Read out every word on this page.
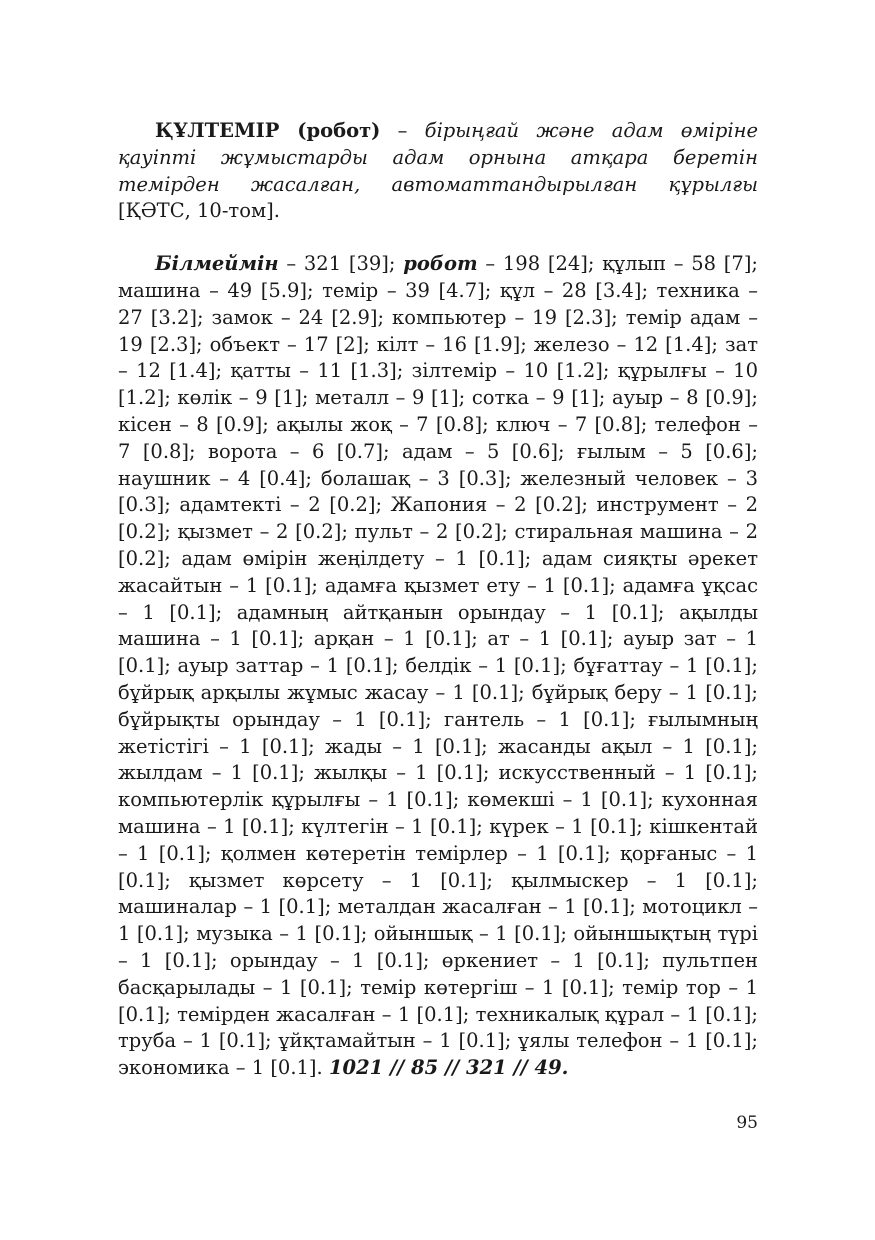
ҚҰЛТЕМІР (робот) – бірыңғай және адам өміріне қауіпті жұмыстарды адам орнына атқара беретін темірден жасалған, автоматтандырылған құрылғы [ҚӘТС, 10-том].

Білмеймін – 321 [39]; робот – 198 [24]; құлып – 58 [7]; машина – 49 [5.9]; темір – 39 [4.7]; құл – 28 [3.4]; техника – 27 [3.2]; замок – 24 [2.9]; компьютер – 19 [2.3]; темір адам – 19 [2.3]; объект – 17 [2]; кілт – 16 [1.9]; железо – 12 [1.4]; зат – 12 [1.4]; қатты – 11 [1.3]; зілтемір – 10 [1.2]; құрылғы – 10 [1.2]; көлік – 9 [1]; металл – 9 [1]; сотка – 9 [1]; ауыр – 8 [0.9]; кісен – 8 [0.9]; ақылы жоқ – 7 [0.8]; ключ – 7 [0.8]; телефон – 7 [0.8]; ворота – 6 [0.7]; адам – 5 [0.6]; ғылым – 5 [0.6]; наушник – 4 [0.4]; болашақ – 3 [0.3]; железный человек – 3 [0.3]; адамтекті – 2 [0.2]; Жапония – 2 [0.2]; инструмент – 2 [0.2]; қызмет – 2 [0.2]; пульт – 2 [0.2]; стиральная машина – 2 [0.2]; адам өмірін жеңілдету – 1 [0.1]; адам сияқты әрекет жасайтын – 1 [0.1]; адамға қызмет ету – 1 [0.1]; адамға ұқсас – 1 [0.1]; адамның айтқанын орындау – 1 [0.1]; ақылды машина – 1 [0.1]; арқан – 1 [0.1]; ат – 1 [0.1]; ауыр зат – 1 [0.1]; ауыр заттар – 1 [0.1]; белдік – 1 [0.1]; бұғаттау – 1 [0.1]; бұйрық арқылы жұмыс жасау – 1 [0.1]; бұйрық беру – 1 [0.1]; бұйрықты орындау – 1 [0.1]; гантель – 1 [0.1]; ғылымның жетістігі – 1 [0.1]; жады – 1 [0.1]; жасанды ақыл – 1 [0.1]; жылдам – 1 [0.1]; жылқы – 1 [0.1]; искусственный – 1 [0.1]; компьютерлік құрылғы – 1 [0.1]; көмекші – 1 [0.1]; кухонная машина – 1 [0.1]; күлтегін – 1 [0.1]; күрек – 1 [0.1]; кішкентай – 1 [0.1]; қолмен көтеретін темірлер – 1 [0.1]; қорғаныс – 1 [0.1]; қызмет көрсету – 1 [0.1]; қылмыскер – 1 [0.1]; машиналар – 1 [0.1]; металдан жасалған – 1 [0.1]; мотоцикл – 1 [0.1]; музыка – 1 [0.1]; ойыншық – 1 [0.1]; ойыншықтың түрі – 1 [0.1]; орындау – 1 [0.1]; өркениет – 1 [0.1]; пультпен басқарылады – 1 [0.1]; темір көтергіш – 1 [0.1]; темір тор – 1 [0.1]; темірден жасалған – 1 [0.1]; техникалық құрал – 1 [0.1]; труба – 1 [0.1]; ұйқтамайтын – 1 [0.1]; ұялы телефон – 1 [0.1]; экономика – 1 [0.1]. 1021 // 85 // 321 // 49.

95
